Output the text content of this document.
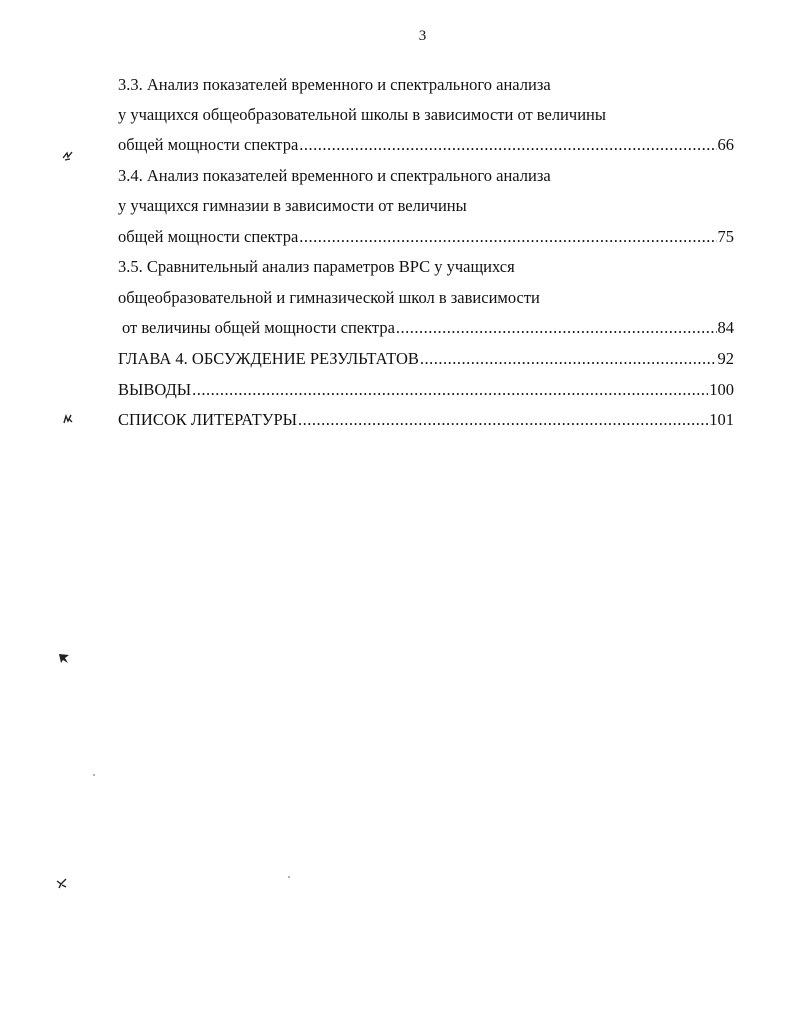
3
3.3. Анализ показателей временного и спектрального анализа
у учащихся общеобразовательной школы в зависимости от величины
общей мощности спектра .....	66
3.4. Анализ показателей временного и спектрального анализа
у учащихся гимназии в зависимости от величины
общей мощности спектра .....	75
3.5. Сравнительный анализ параметров ВРС у учащихся
общеобразовательной и гимназической школ в зависимости
от величины общей мощности спектра .....	84
ГЛАВА 4. ОБСУЖДЕНИЕ РЕЗУЛЬТАТОВ .....	92
ВЫВОДЫ .....	100
СПИСОК ЛИТЕРАТУРЫ .....	101
